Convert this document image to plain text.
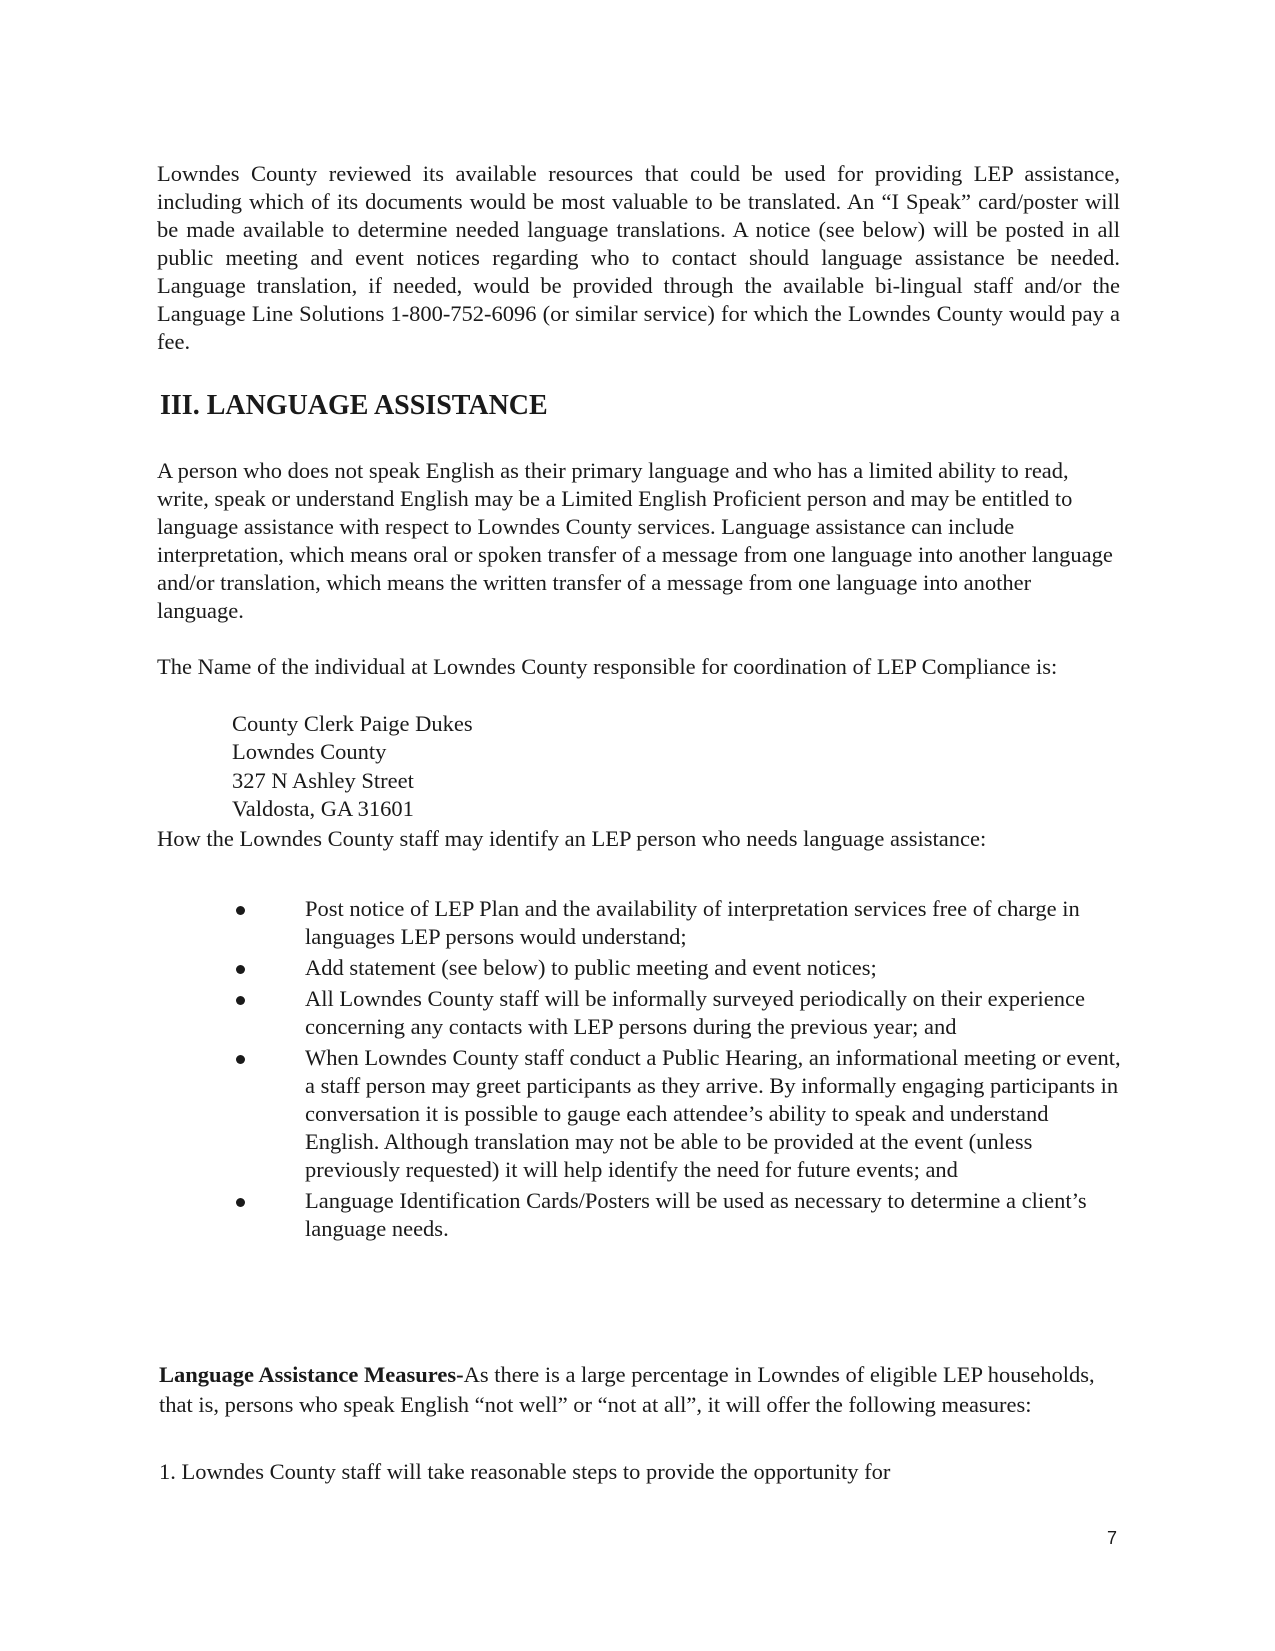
Lowndes County reviewed its available resources that could be used for providing LEP assistance, including which of its documents would be most valuable to be translated. An “I Speak” card/poster will be made available to determine needed language translations. A notice (see below) will be posted in all public meeting and event notices regarding who to contact should language assistance be needed. Language translation, if needed, would be provided through the available bi-lingual staff and/or the Language Line Solutions 1-800-752-6096 (or similar service) for which the Lowndes County would pay a fee.

III. LANGUAGE ASSISTANCE

A person who does not speak English as their primary language and who has a limited ability to read, write, speak or understand English may be a Limited English Proficient person and may be entitled to language assistance with respect to Lowndes County services. Language assistance can include interpretation, which means oral or spoken transfer of a message from one language into another language and/or translation, which means the written transfer of a message from one language into another language.

The Name of the individual at Lowndes County responsible for coordination of LEP Compliance is:

County Clerk Paige Dukes
Lowndes County
327 N Ashley Street
Valdosta, GA 31601

How the Lowndes County staff may identify an LEP person who needs language assistance:

Post notice of LEP Plan and the availability of interpretation services free of charge in languages LEP persons would understand;
Add statement (see below) to public meeting and event notices;
All Lowndes County staff will be informally surveyed periodically on their experience concerning any contacts with LEP persons during the previous year; and
When Lowndes County staff conduct a Public Hearing, an informational meeting or event, a staff person may greet participants as they arrive. By informally engaging participants in conversation it is possible to gauge each attendee’s ability to speak and understand English. Although translation may not be able to be provided at the event (unless previously requested) it will help identify the need for future events; and
Language Identification Cards/Posters will be used as necessary to determine a client’s language needs.

Language Assistance Measures-As there is a large percentage in Lowndes of eligible LEP households, that is, persons who speak English “not well” or “not at all”, it will offer the following measures:

1. Lowndes County staff will take reasonable steps to provide the opportunity for

7
